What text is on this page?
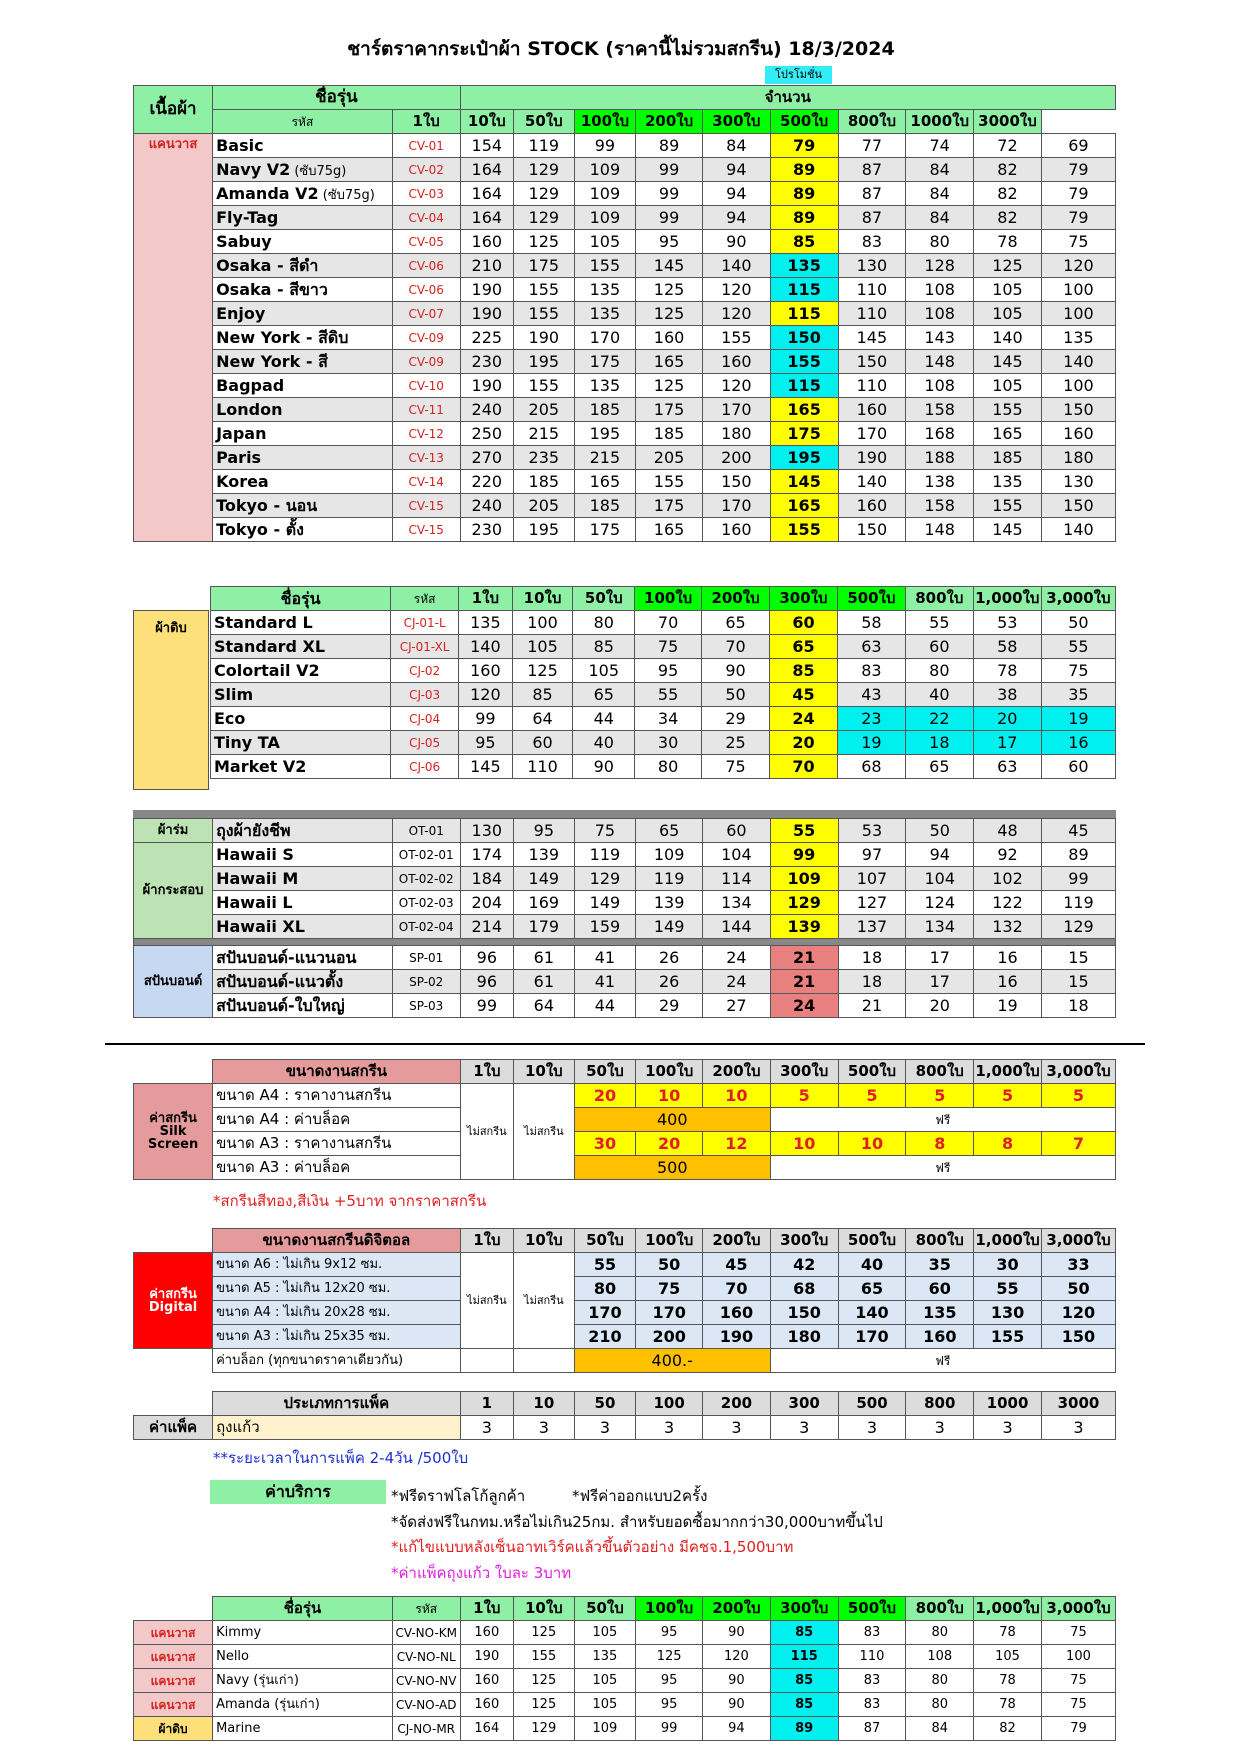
ชาร์ตราคากระเป๋าผ้า STOCK (ราคานี้ไม่รวมสกรีน) 18/3/2024
โปรโมชั่น
เนื้อผ้า	ชื่อรุ่น		จำนวน									
	รหัส	1ใบ	10ใบ	50ใบ	100ใบ	200ใบ	300ใบ	500ใบ	800ใบ	1000ใบ	3000ใบ	
แคนวาส	Basic	CV-01	154	119	99	89	84	79	77	74	72	69
	Navy V2 (ซับ75g)	CV-02	164	129	109	99	94	89	87	84	82	79
	Amanda V2 (ซับ75g)	CV-03	164	129	109	99	94	89	87	84	82	79
	Fly-Tag	CV-04	164	129	109	99	94	89	87	84	82	79
	Sabuy	CV-05	160	125	105	95	90	85	83	80	78	75
	Osaka - สีดำ	CV-06	210	175	155	145	140	135	130	128	125	120
	Osaka - สีขาว	CV-06	190	155	135	125	120	115	110	108	105	100
	Enjoy	CV-07	190	155	135	125	120	115	110	108	105	100
	New York - สีดิบ	CV-09	225	190	170	160	155	150	145	143	140	135
	New York - สี	CV-09	230	195	175	165	160	155	150	148	145	140
	Bagpad	CV-10	190	155	135	125	120	115	110	108	105	100
	London	CV-11	240	205	185	175	170	165	160	158	155	150
	Japan	CV-12	250	215	195	185	180	175	170	168	165	160
	Paris	CV-13	270	235	215	205	200	195	190	188	185	180
	Korea	CV-14	220	185	165	155	150	145	140	138	135	130
	Tokyo - นอน	CV-15	240	205	185	175	170	165	160	158	155	150
	Tokyo - ตั้ง	CV-15	230	195	175	165	160	155	150	148	145	140
ชื่อรุ่น	รหัส	1ใบ	10ใบ	50ใบ	100ใบ	200ใบ	300ใบ	500ใบ	800ใบ	1,000ใบ	3,000ใบ
Standard L	CJ-01-L	135	100	80	70	65	60	58	55	53	50
Standard XL	CJ-01-XL	140	105	85	75	70	65	63	60	58	55
Colortail V2	CJ-02	160	125	105	95	90	85	83	80	78	75
Slim	CJ-03	120	85	65	55	50	45	43	40	38	35
Eco	CJ-04	99	64	44	34	29	24	23	22	20	19
Tiny TA	CJ-05	95	60	40	30	25	20	19	18	17	16
Market V2	CJ-06	145	110	90	80	75	70	68	65	63	60
ผ้าดิบ
ผ้าร่ม	ถุงผ้ายังชีพ	OT-01	130	95	75	65	60	55	53	50	48	45
ผ้ากระสอบ	Hawaii S	OT-02-01	174	139	119	109	104	99	97	94	92	89
	Hawaii M	OT-02-02	184	149	129	119	114	109	107	104	102	99
	Hawaii L	OT-02-03	204	169	149	139	134	129	127	124	122	119
	Hawaii XL	OT-02-04	214	179	159	149	144	139	137	134	132	129

สปันบอนด์	สปันบอนด์-แนวนอน	SP-01	96	61	41	26	24	21	18	17	16	15
	สปันบอนด์-แนวตั้ง	SP-02	96	61	41	26	24	21	18	17	16	15
	สปันบอนด์-ใบใหญ่	SP-03	99	64	44	29	27	24	21	20	19	18
	ขนาดงานสกรีน	1ใบ	10ใบ	50ใบ	100ใบ	200ใบ	300ใบ	500ใบ	800ใบ	1,000ใบ	3,000ใบ

ค่าสกรีน
Silk
Screen	ขนาด A4 : ราคางานสกรีน	ไม่สกรีน	ไม่สกรีน	20	10	10	5	5	5	5	5
	ขนาด A4 : ค่าบล็อค			400			ฟรี				
	ขนาด A3 : ราคางานสกรีน			30	20	12	10	10	8	8	7
	ขนาด A3 : ค่าบล็อค			500			ฟรี				
*สกรีนสีทอง,สีเงิน +5บาท จากราคาสกรีน
	ขนาดงานสกรีนดิจิตอล	1ใบ	10ใบ	50ใบ	100ใบ	200ใบ	300ใบ	500ใบ	800ใบ	1,000ใบ	3,000ใบ

ค่าสกรีน
Digital	ขนาด A6 : ไม่เกิน 9x12 ซม.	ไม่สกรีน	ไม่สกรีน	55	50	45	42	40	35	30	33
	ขนาด A5 : ไม่เกิน 12x20 ซม.			80	75	70	68	65	60	55	50
	ขนาด A4 : ไม่เกิน 20x28 ซม.			170	170	160	150	140	135	130	120
	ขนาด A3 : ไม่เกิน 25x35 ซม.			210	200	190	180	170	160	155	150
	ค่าบล็อก (ทุกขนาดราคาเดียวกัน)			400.-			ฟรี				
	ประเภทการแพ็ค	1	10	50	100	200	300	500	800	1000	3000
ค่าแพ็ค	ถุงแก้ว	3	3	3	3	3	3	3	3	3	3
**ระยะเวลาในการแพ็ค 2-4วัน /500ใบ
ค่าบริการ	*ฟรีดราฟโลโก้ลูกค้า	*ฟรีค่าออกแบบ2ครั้ง
*จัดส่งฟรีในกทม.หรือไม่เกิน25กม. สำหรับยอดซื้อมากกว่า30,000บาทขึ้นไป
*แก้ไขแบบหลังเซ็นอาทเวิร์คแล้วขึ้นตัวอย่าง มีคชจ.1,500บาท
*ค่าแพ็คถุงแก้ว ใบละ 3บาท
	ชื่อรุ่น	รหัส	1ใบ	10ใบ	50ใบ	100ใบ	200ใบ	300ใบ	500ใบ	800ใบ	1,000ใบ	3,000ใบ
แคนวาส	Kimmy	CV-NO-KM	160	125	105	95	90	85	83	80	78	75
แคนวาส	Nello	CV-NO-NL	190	155	135	125	120	115	110	108	105	100
แคนวาส	Navy (รุ่นเก่า)	CV-NO-NV	160	125	105	95	90	85	83	80	78	75
แคนวาส	Amanda (รุ่นเก่า)	CV-NO-AD	160	125	105	95	90	85	83	80	78	75
ผ้าดิบ	Marine	CJ-NO-MR	164	129	109	99	94	89	87	84	82	79
